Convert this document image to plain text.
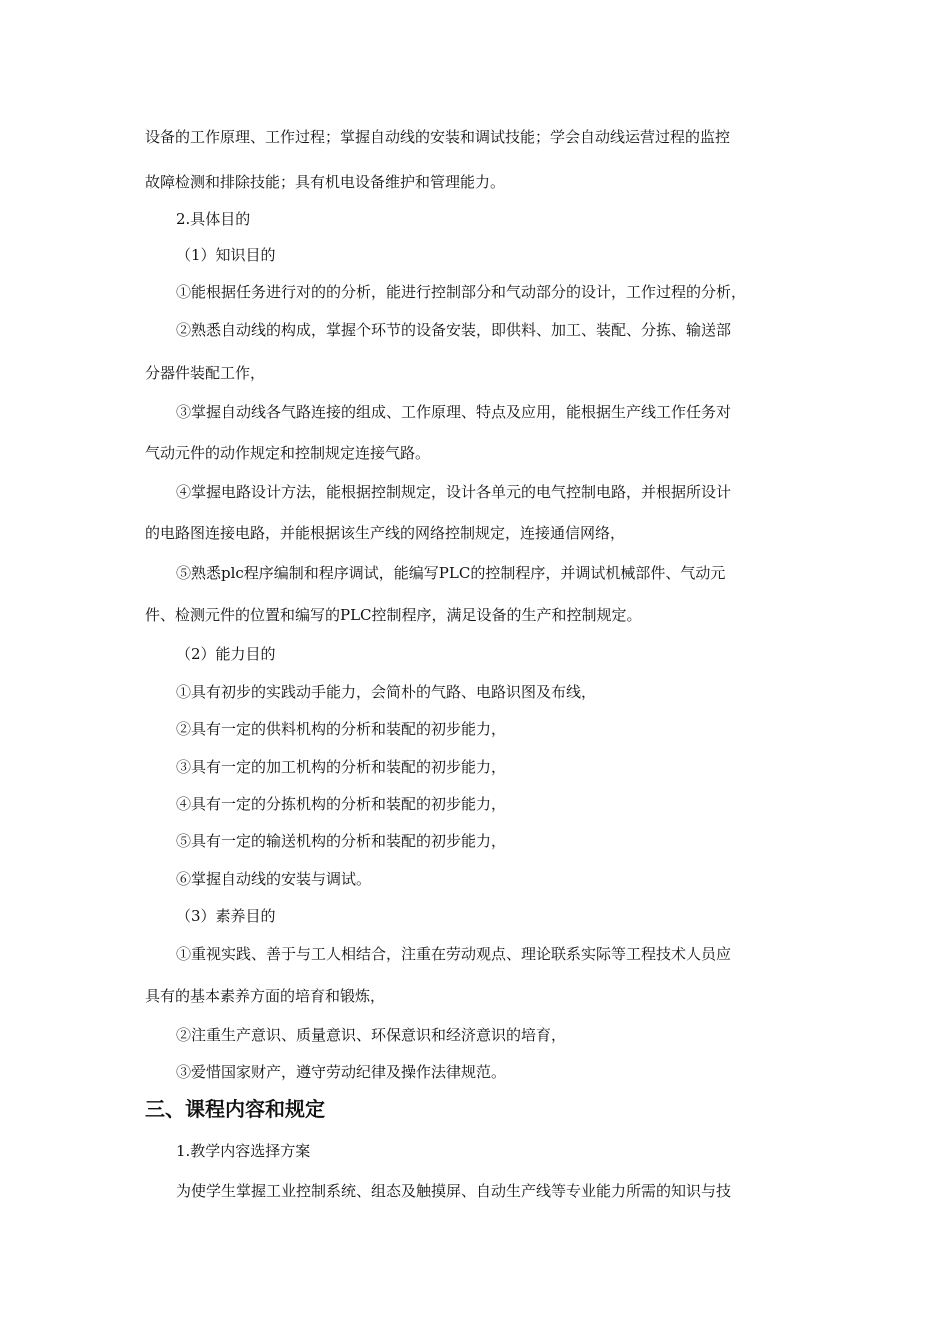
设备的工作原理、工作过程；掌握自动线的安装和调试技能；学会自动线运营过程的监控

故障检测和排除技能；具有机电设备维护和管理能力。

2.具体目的

（1）知识目的

①能根据任务进行对的的分析，能进行控制部分和气动部分的设计，工作过程的分析，

②熟悉自动线的构成，掌握个环节的设备安装，即供料、加工、装配、分拣、输送部

分器件装配工作，

③掌握自动线各气路连接的组成、工作原理、特点及应用，能根据生产线工作任务对

气动元件的动作规定和控制规定连接气路。

④掌握电路设计方法，能根据控制规定，设计各单元的电气控制电路，并根据所设计

的电路图连接电路，并能根据该生产线的网络控制规定，连接通信网络，

⑤熟悉plc程序编制和程序调试，能编写PLC的控制程序，并调试机械部件、气动元

件、检测元件的位置和编写的PLC控制程序，满足设备的生产和控制规定。

（2）能力目的

①具有初步的实践动手能力，会简朴的气路、电路识图及布线，

②具有一定的供料机构的分析和装配的初步能力，

③具有一定的加工机构的分析和装配的初步能力，

④具有一定的分拣机构的分析和装配的初步能力，

⑤具有一定的输送机构的分析和装配的初步能力，

⑥掌握自动线的安装与调试。

（3）素养目的

①重视实践、善于与工人相结合，注重在劳动观点、理论联系实际等工程技术人员应

具有的基本素养方面的培育和锻炼，

②注重生产意识、质量意识、环保意识和经济意识的培育，

③爱惜国家财产，遵守劳动纪律及操作法律规范。

三、课程内容和规定

1.教学内容选择方案

为使学生掌握工业控制系统、组态及触摸屏、自动生产线等专业能力所需的知识与技
